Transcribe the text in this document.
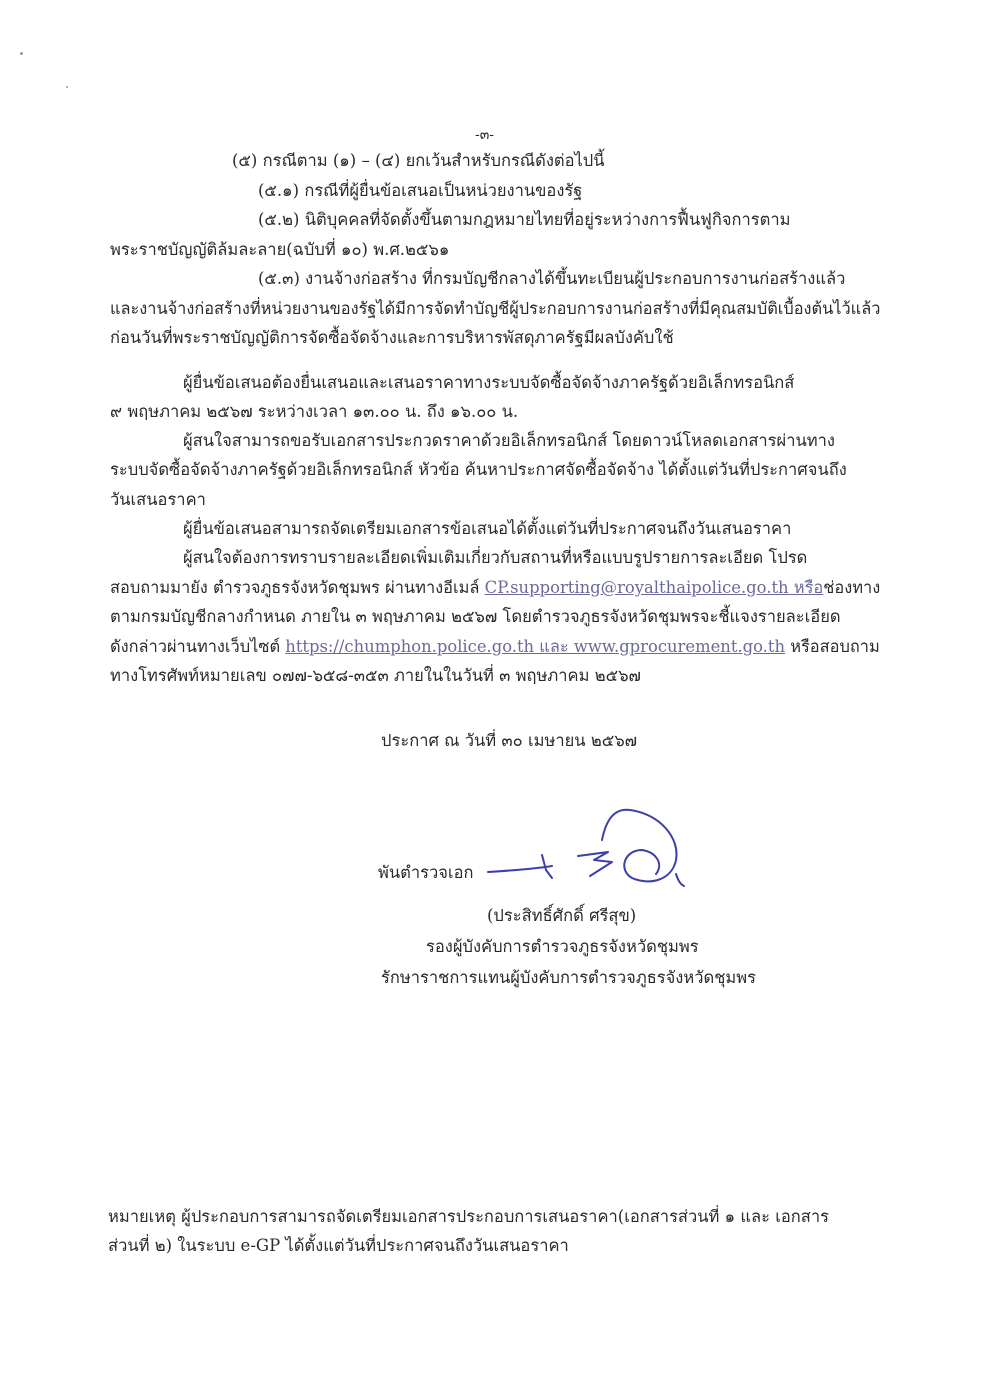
-๓-
(๕) กรณีตาม (๑) – (๔) ยกเว้นสำหรับกรณีดังต่อไปนี้
(๕.๑) กรณีที่ผู้ยื่นข้อเสนอเป็นหน่วยงานของรัฐ
(๕.๒) นิติบุคคลที่จัดตั้งขึ้นตามกฎหมายไทยที่อยู่ระหว่างการฟื้นฟูกิจการตาม
พระราชบัญญัติล้มละลาย(ฉบับที่ ๑๐) พ.ศ.๒๕๖๑
(๕.๓) งานจ้างก่อสร้าง ที่กรมบัญชีกลางได้ขึ้นทะเบียนผู้ประกอบการงานก่อสร้างแล้ว
และงานจ้างก่อสร้างที่หน่วยงานของรัฐได้มีการจัดทำบัญชีผู้ประกอบการงานก่อสร้างที่มีคุณสมบัติเบื้องต้นไว้แล้ว
ก่อนวันที่พระราชบัญญัติการจัดซื้อจัดจ้างและการบริหารพัสดุภาครัฐมีผลบังคับใช้
ผู้ยื่นข้อเสนอต้องยื่นเสนอและเสนอราคาทางระบบจัดซื้อจัดจ้างภาครัฐด้วยอิเล็กทรอนิกส์
๙ พฤษภาคม ๒๕๖๗ ระหว่างเวลา ๑๓.๐๐ น. ถึง ๑๖.๐๐ น.
ผู้สนใจสามารถขอรับเอกสารประกวดราคาด้วยอิเล็กทรอนิกส์ โดยดาวน์โหลดเอกสารผ่านทาง
ระบบจัดซื้อจัดจ้างภาครัฐด้วยอิเล็กทรอนิกส์ หัวข้อ ค้นหาประกาศจัดซื้อจัดจ้าง ได้ตั้งแต่วันที่ประกาศจนถึง
วันเสนอราคา
ผู้ยื่นข้อเสนอสามารถจัดเตรียมเอกสารข้อเสนอได้ตั้งแต่วันที่ประกาศจนถึงวันเสนอราคา
ผู้สนใจต้องการทราบรายละเอียดเพิ่มเติมเกี่ยวกับสถานที่หรือแบบรูปรายการละเอียด โปรด
สอบถามมายัง ตำรวจภูธรจังหวัดชุมพร ผ่านทางอีเมล์ CP.supporting@royalthaipolice.go.th หรือช่องทาง
ตามกรมบัญชีกลางกำหนด ภายใน ๓ พฤษภาคม ๒๕๖๗ โดยตำรวจภูธรจังหวัดชุมพรจะชี้แจงรายละเอียด
ดังกล่าวผ่านทางเว็บไซต์ https://chumphon.police.go.th และ www.gprocurement.go.th หรือสอบถาม
ทางโทรศัพท์หมายเลข ๐๗๗-๖๕๘-๓๕๓ ภายในในวันที่ ๓ พฤษภาคม ๒๕๖๗
ประกาศ ณ วันที่ ๓๐ เมษายน ๒๕๖๗
พันตำรวจเอก
(ประสิทธิ์ศักดิ์ ศรีสุข)
รองผู้บังคับการตำรวจภูธรจังหวัดชุมพร
รักษาราชการแทนผู้บังคับการตำรวจภูธรจังหวัดชุมพร
หมายเหตุ ผู้ประกอบการสามารถจัดเตรียมเอกสารประกอบการเสนอราคา(เอกสารส่วนที่ ๑ และ เอกสาร
ส่วนที่ ๒) ในระบบ e-GP ได้ตั้งแต่วันที่ประกาศจนถึงวันเสนอราคา
